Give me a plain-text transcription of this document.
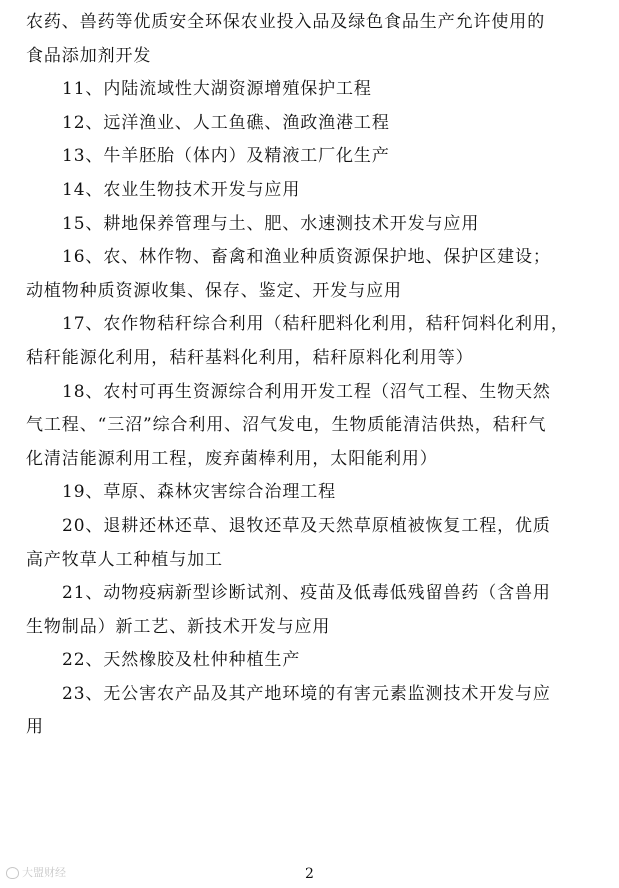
农药、兽药等优质安全环保农业投入品及绿色食品生产允许使用的
食品添加剂开发
11、内陆流域性大湖资源增殖保护工程
12、远洋渔业、人工鱼礁、渔政渔港工程
13、牛羊胚胎（体内）及精液工厂化生产
14、农业生物技术开发与应用
15、耕地保养管理与土、肥、水速测技术开发与应用
16、农、林作物、畜禽和渔业种质资源保护地、保护区建设；
动植物种质资源收集、保存、鉴定、开发与应用
17、农作物秸秆综合利用（秸秆肥料化利用，秸秆饲料化利用，
秸秆能源化利用，秸秆基料化利用，秸秆原料化利用等）
18、农村可再生资源综合利用开发工程（沼气工程、生物天然
气工程、“三沼”综合利用、沼气发电，生物质能清洁供热，秸秆气
化清洁能源利用工程，废弃菌棒利用，太阳能利用）
19、草原、森林灾害综合治理工程
20、退耕还林还草、退牧还草及天然草原植被恢复工程，优质
高产牧草人工种植与加工
21、动物疫病新型诊断试剂、疫苗及低毒低残留兽药（含兽用
生物制品）新工艺、新技术开发与应用
22、天然橡胶及杜仲种植生产
23、无公害农产品及其产地环境的有害元素监测技术开发与应
用
大盟财经	2
